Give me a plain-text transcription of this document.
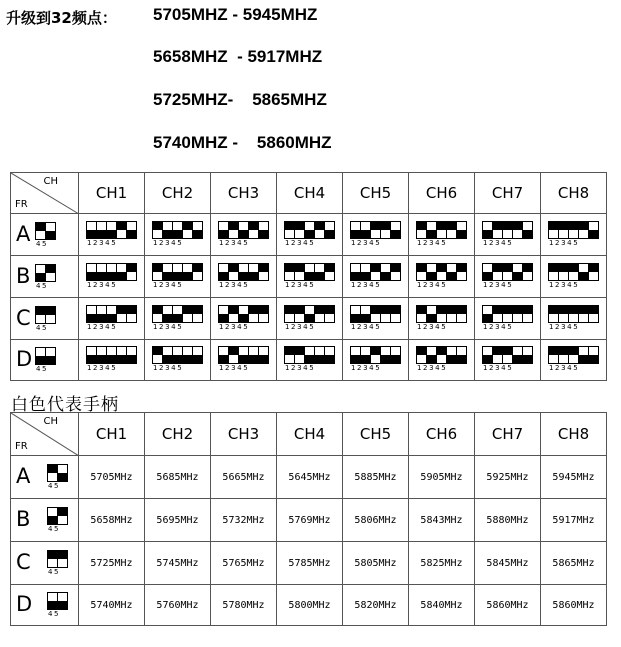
升级到32频点： 5705MHZ - 5945MHZ
5658MHZ  - 5917MHZ
5725MHZ-    5865MHZ
5740MHZ -    5860MHZ
CH
FR	CH1	CH2	CH3	CH4	CH5	CH6	CH7	CH8

A 45	12345	12345	12345	12345	12345	12345	12345	12345

B 45	12345	12345	12345	12345	12345	12345	12345	12345

C 45	12345	12345	12345	12345	12345	12345	12345	12345

D 45	12345	12345	12345	12345	12345	12345	12345	12345
白色代表手柄
CH
FR	CH1	CH2	CH3	CH4	CH5	CH6	CH7	CH8

A 45	5705MHz	5685MHz	5665MHz	5645MHz	5885MHz	5905MHz	5925MHz	5945MHz

B 45	5658MHz	5695MHz	5732MHz	5769MHz	5806MHz	5843MHz	5880MHz	5917MHz

C 45	5725MHz	5745MHz	5765MHz	5785MHz	5805MHz	5825MHz	5845MHz	5865MHz

D 45	5740MHz	5760MHz	5780MHz	5800MHz	5820MHz	5840MHz	5860MHz	5860MHz
